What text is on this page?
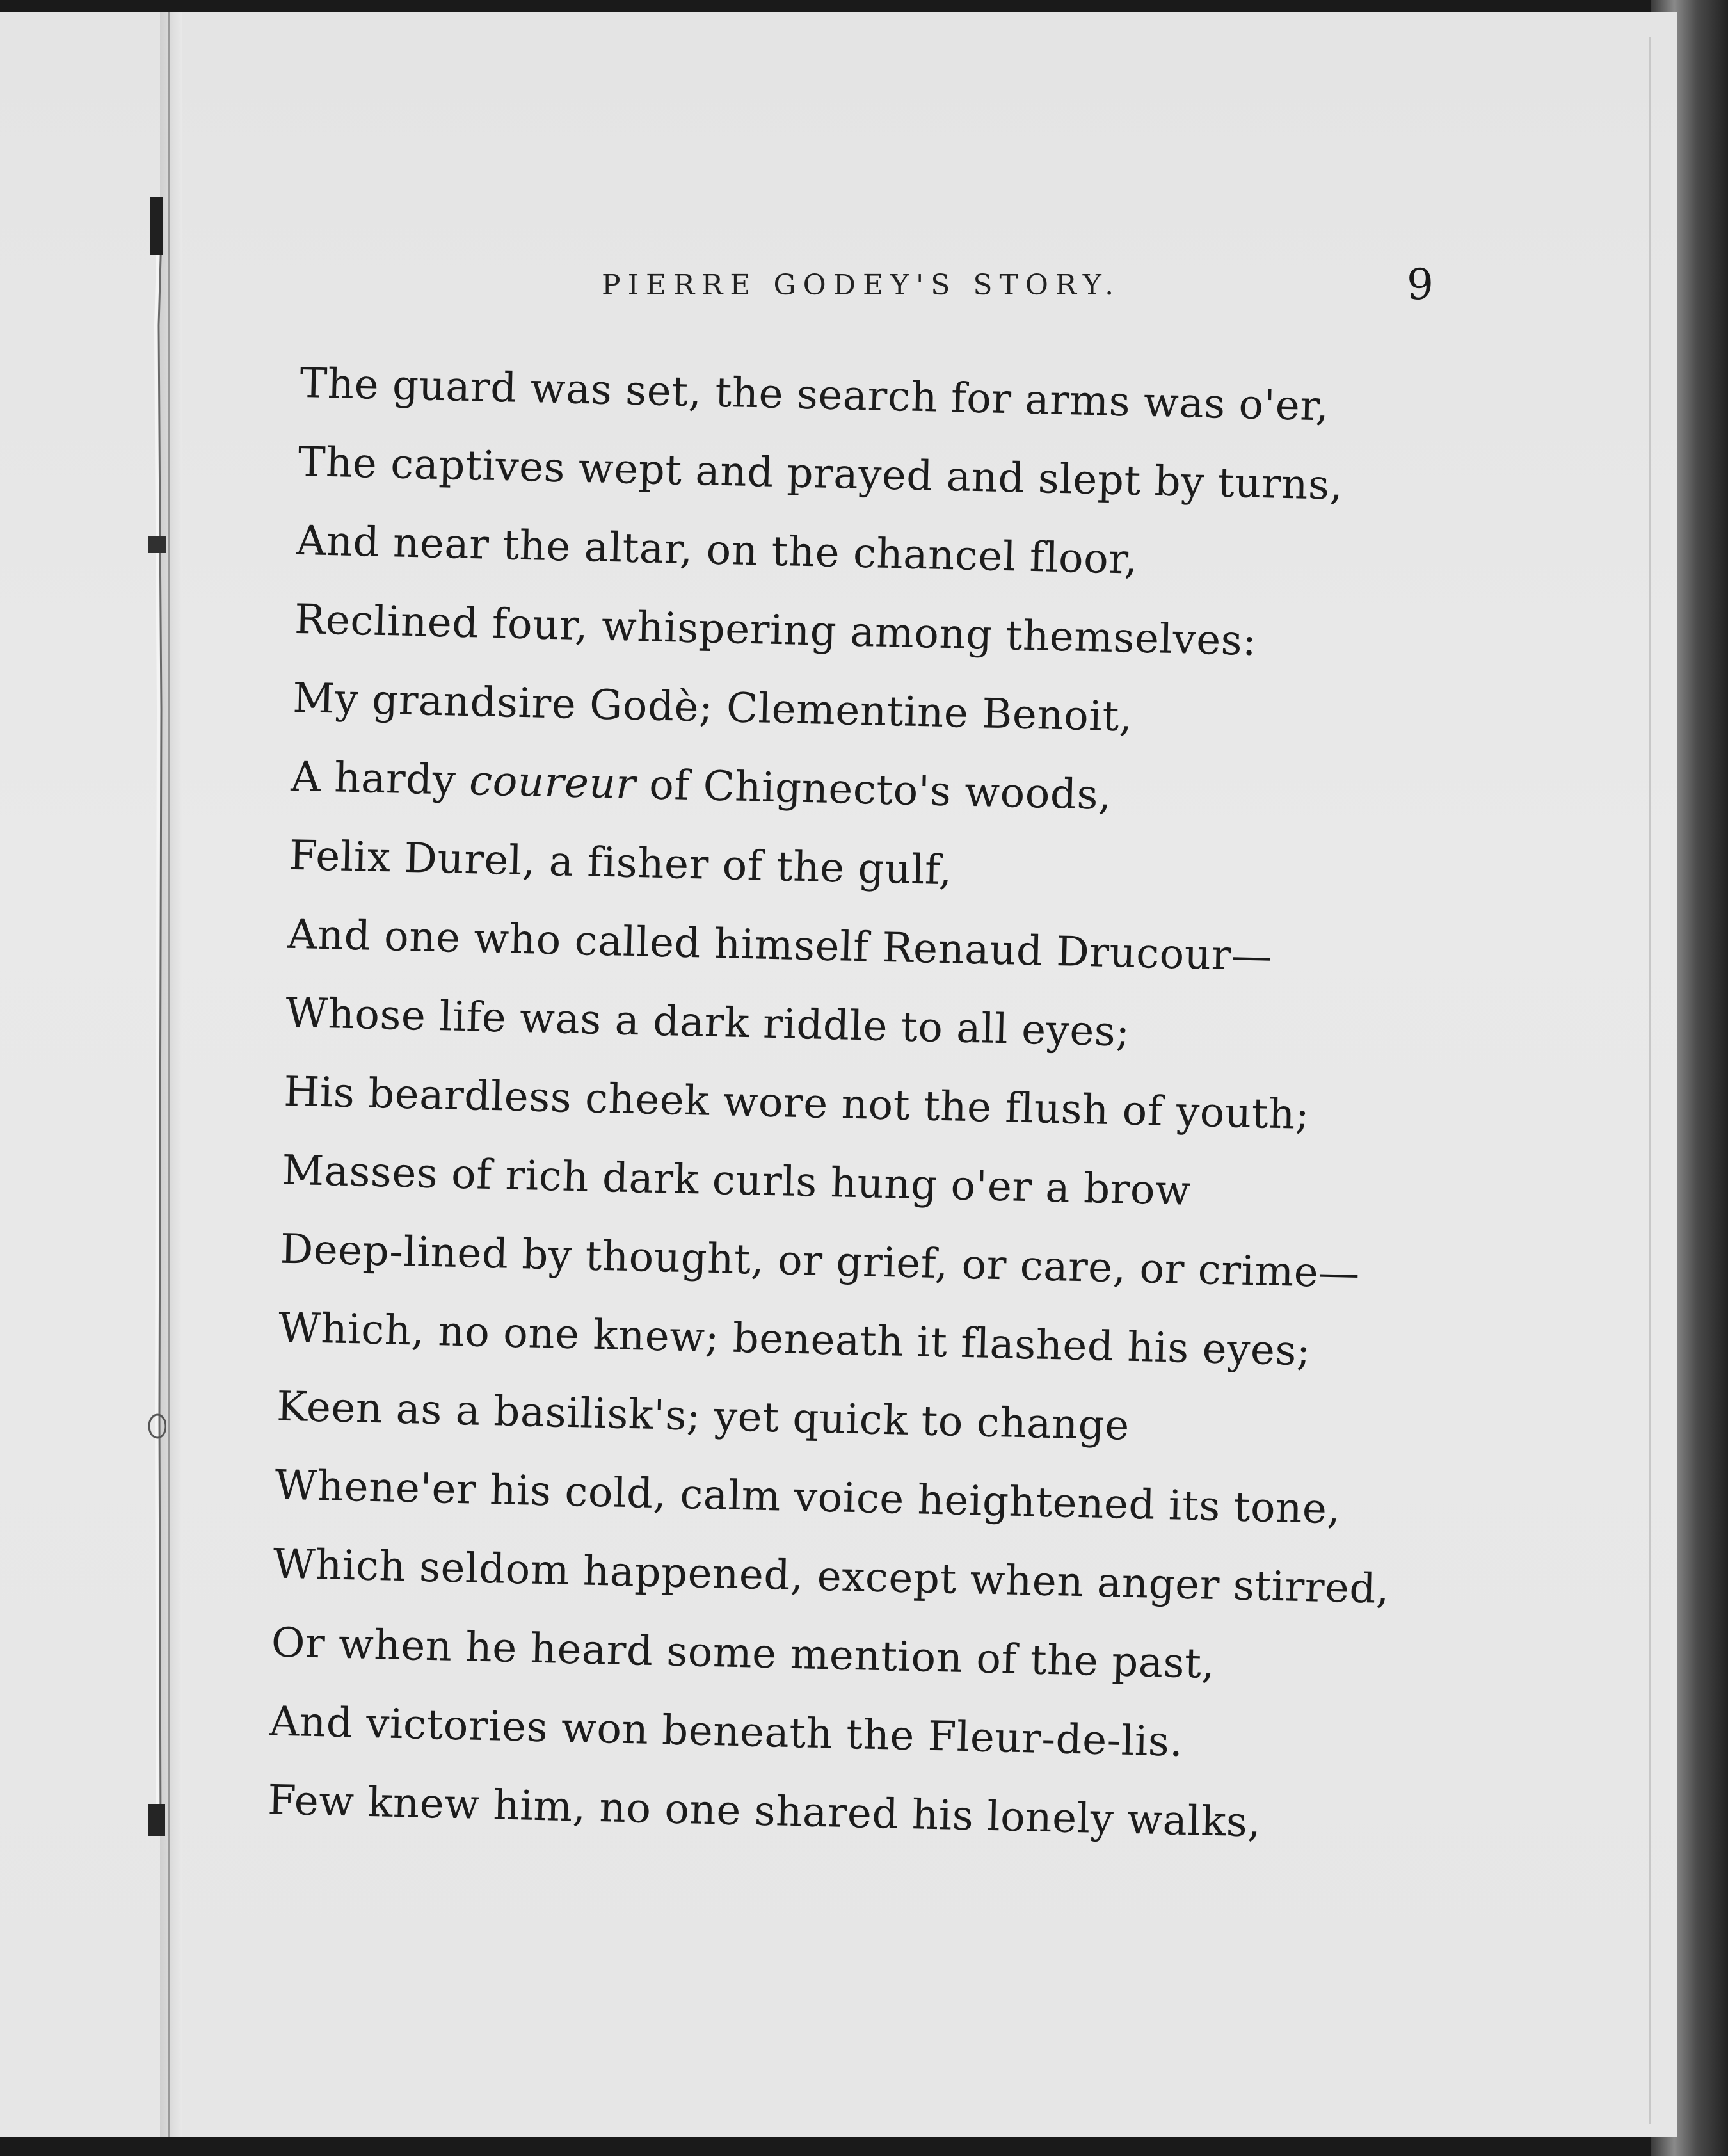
PIERRE GODEY'S STORY.	9
The guard was set, the search for arms was o'er,
The captives wept and prayed and slept by turns,
And near the altar, on the chancel floor,
Reclined four, whispering among themselves:
My grandsire Godè; Clementine Benoit,
A hardy coureur of Chignecto's woods,
Felix Durel, a fisher of the gulf,
And one who called himself Renaud Drucour—
Whose life was a dark riddle to all eyes;
His beardless cheek wore not the flush of youth;
Masses of rich dark curls hung o'er a brow
Deep-lined by thought, or grief, or care, or crime—
Which, no one knew; beneath it flashed his eyes;
Keen as a basilisk's; yet quick to change
Whene'er his cold, calm voice heightened its tone,
Which seldom happened, except when anger stirred,
Or when he heard some mention of the past,
And victories won beneath the Fleur-de-lis.
Few knew him, no one shared his lonely walks,
